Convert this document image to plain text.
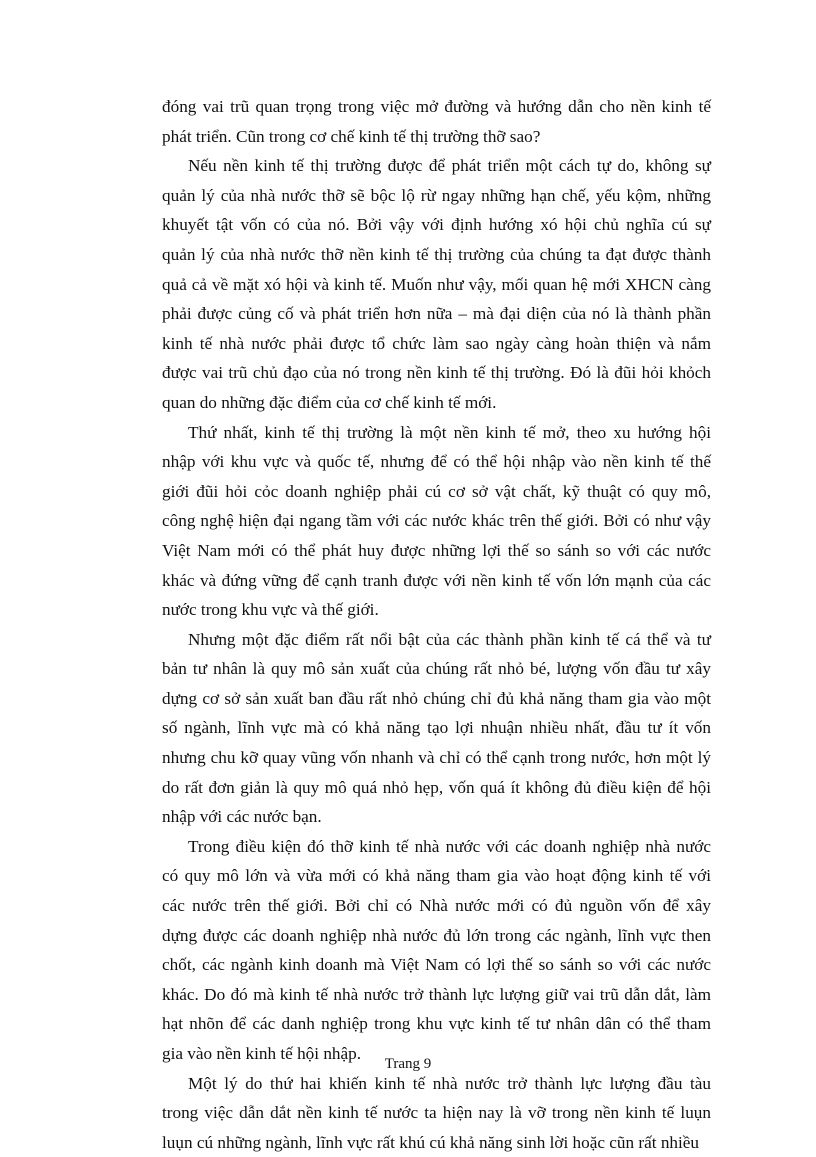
đóng vai trũ quan trọng trong việc mở đường và hướng dẫn cho nền kinh tế
phát triển. Cũn trong cơ chế kinh tế thị trường thỡ sao?

Nếu nền kinh tế thị trường được để phát triển một cách tự do, không sự
quản lý của nhà nước thỡ sẽ bộc lộ rừ ngay những hạn chế, yếu kộm, những
khuyết tật vốn có của nó. Bởi vậy với định hướng xó hội chủ nghĩa cú sự
quản lý của nhà nước thỡ nền kinh tế thị trường của chúng ta đạt được thành
quả cả về mặt xó hội và kinh tế. Muốn như vậy, mối quan hệ mới XHCN càng
phải được củng cố và phát triển hơn nữa – mà đại diện của nó là thành phần
kinh tế nhà nước phải được tổ chức làm sao ngày càng hoàn thiện và nắm
được vai trũ chủ đạo của nó trong nền kinh tế thị trường. Đó là đũi hỏi khỏch
quan do những đặc điểm của cơ chế kinh tế mới.

Thứ nhất, kinh tế thị trường là một nền kinh tế mở, theo xu hướng hội
nhập với khu vực và quốc tế, nhưng để có thể hội nhập vào nền kinh tế thế
giới đũi hỏi cỏc doanh nghiệp phải cú cơ sở vật chất, kỹ thuật có quy mô,
công nghệ hiện đại ngang tầm với các nước khác trên thế giới. Bởi có như vậy
Việt Nam mới có thể phát huy được những lợi thế so sánh so với các nước
khác và đứng vững để cạnh tranh được với nền kinh tế vốn lớn mạnh của các
nước trong khu vực và thế giới.

Nhưng một đặc điểm rất nổi bật của các thành phần kinh tế cá thể và tư
bản tư nhân là quy mô sản xuất của chúng rất nhỏ bé, lượng vốn đầu tư xây
dựng cơ sở sản xuất ban đầu rất nhỏ chúng chỉ đủ khả năng tham gia vào một
số ngành, lĩnh vực mà có khả năng tạo lợi nhuận nhiều nhất, đầu tư ít vốn
nhưng chu kỡ quay vũng vốn nhanh và chỉ có thể cạnh trong nước, hơn một lý
do rất đơn giản là quy mô quá nhỏ hẹp, vốn quá ít không đủ điều kiện để hội
nhập với các nước bạn.

Trong điều kiện đó thỡ kinh tế nhà nước với các doanh nghiệp nhà nước
có quy mô lớn và vừa mới có khả năng tham gia vào hoạt động kinh tế với
các nước trên thế giới. Bởi chỉ có Nhà nước mới có đủ nguồn vốn để xây
dựng được các doanh nghiệp nhà nước đủ lớn trong các ngành, lĩnh vực then
chốt, các ngành kinh doanh mà Việt Nam có lợi thế so sánh so với các nước
khác. Do đó mà kinh tế nhà nước trở thành lực lượng giữ vai trũ dẫn dắt, làm
hạt nhõn để các danh nghiệp trong khu vực kinh tế tư nhân dân có thể tham
gia vào nền kinh tế hội nhập.

Một lý do thứ hai khiến kinh tế nhà nước trở thành lực lượng đầu tàu
trong việc dẫn dắt nền kinh tế nước ta hiện nay là vỡ trong nền kinh tế luụn
luụn cú những ngành, lĩnh vực rất khú cú khả năng sinh lời hoặc cũn rất nhiều

Trang 9
